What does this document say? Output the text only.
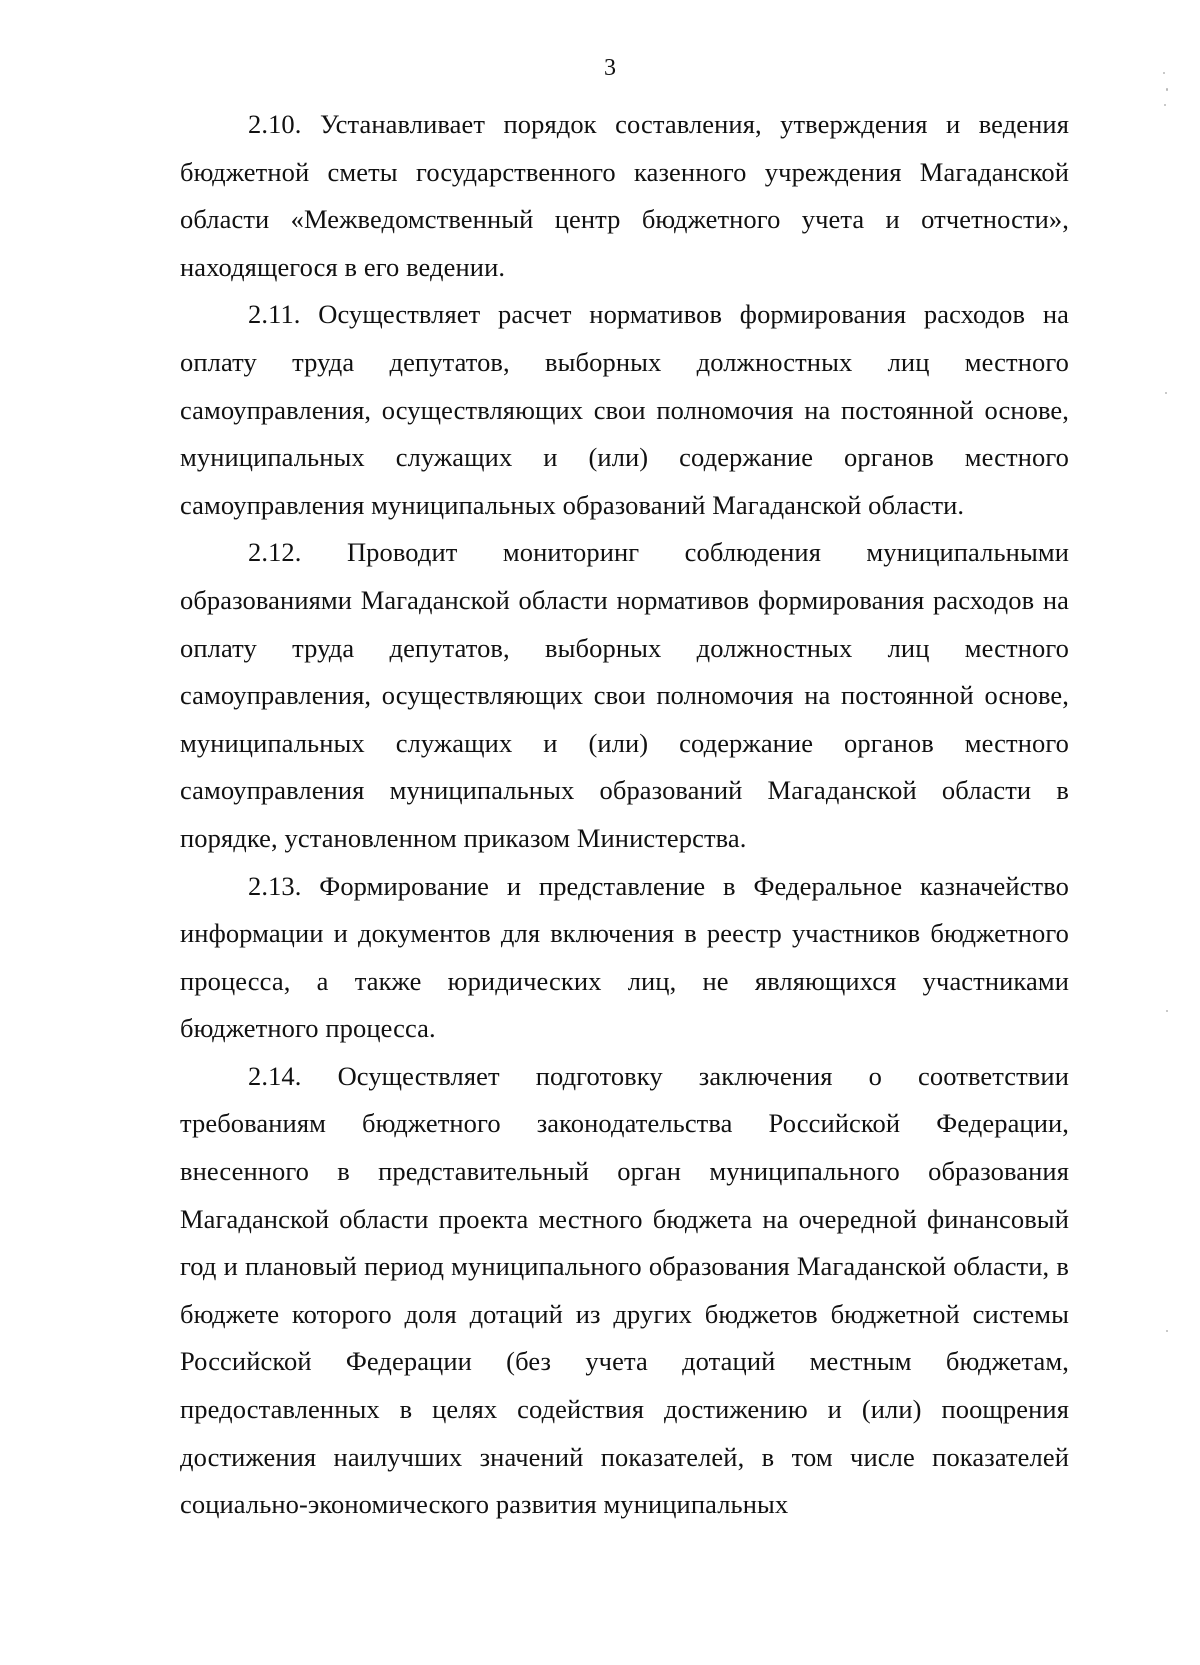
3

2.10. Устанавливает порядок составления, утверждения и ведения бюджетной сметы государственного казенного учреждения Магаданской области «Межведомственный центр бюджетного учета и отчетности», находящегося в его ведении.

2.11. Осуществляет расчет нормативов формирования расходов на оплату труда депутатов, выборных должностных лиц местного самоуправления, осуществляющих свои полномочия на постоянной основе, муниципальных служащих и (или) содержание органов местного самоуправления муниципальных образований Магаданской области.

2.12. Проводит мониторинг соблюдения муниципальными образованиями Магаданской области нормативов формирования расходов на оплату труда депутатов, выборных должностных лиц местного самоуправления, осуществляющих свои полномочия на постоянной основе, муниципальных служащих и (или) содержание органов местного самоуправления муниципальных образований Магаданской области в порядке, установленном приказом Министерства.

2.13. Формирование и представление в Федеральное казначейство информации и документов для включения в реестр участников бюджетного процесса, а также юридических лиц, не являющихся участниками бюджетного процесса.

2.14. Осуществляет подготовку заключения о соответствии требованиям бюджетного законодательства Российской Федерации, внесенного в представительный орган муниципального образования Магаданской области проекта местного бюджета на очередной финансовый год и плановый период муниципального образования Магаданской области, в бюджете которого доля дотаций из других бюджетов бюджетной системы Российской Федерации (без учета дотаций местным бюджетам, предоставленных в целях содействия достижению и (или) поощрения достижения наилучших значений показателей, в том числе показателей социально-экономического развития муниципальных
